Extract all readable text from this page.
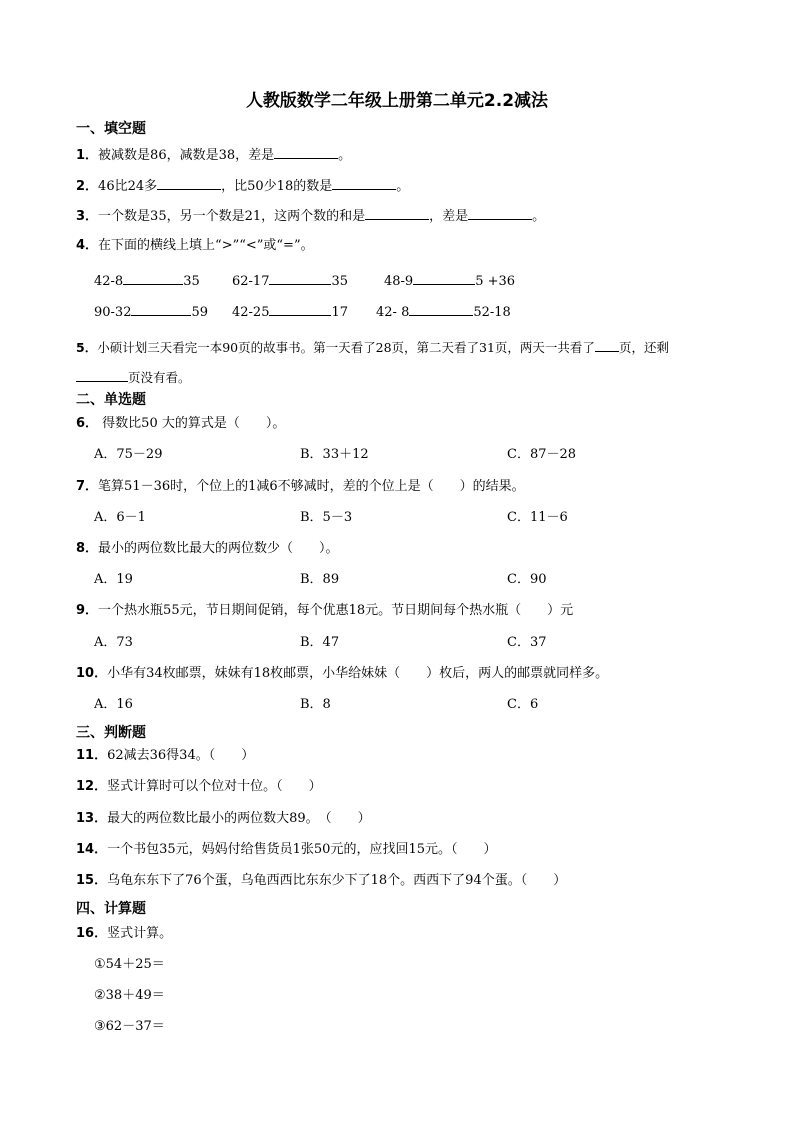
人教版数学二年级上册第二单元2.2减法
一、填空题
1．被减数是86，减数是38，差是	。
2．46比24多	，比50少18的数是	。
3．一个数是35，另一个数是21，这两个数的和是	，差是	。
4．在下面的横线上填上“>”“<”或“=”。
42-8	35 62-17	35	48-9	5 +36
90-32	59 42-25	17 42- 8	52-18
5．小硕计划三天看完一本90页的故事书。第一天看了28页，第二天看了31页，两天一共看了 页，还剩页没有看。
二、单选题
6． 得数比50 大的算式是（　　）。
A．75－29	B．33＋12	C．87－28
7．笔算51－36时，个位上的1减6不够减时，差的个位上是（　　）的结果。
A．6－1	B．5－3	C．11－6
8．最小的两位数比最大的两位数少（　　）。
A．19	B．89	C．90
9．一个热水瓶55元，节日期间促销，每个优惠18元。节日期间每个热水瓶（　　）元
A．73	B．47	C．37
10．小华有34枚邮票，妹妹有18枚邮票，小华给妹妹（　　）枚后，两人的邮票就同样多。
A．16	B．8	C．6
三、判断题
11．62减去36得34。（　　）
12．竖式计算时可以个位对十位。（　　）
13．最大的两位数比最小的两位数大89。　（　　）
14．一个书包35元，妈妈付给售货员1张50元的，应找回15元。（　　）
15．乌龟东东下了76个蛋，乌龟西西比东东少下了18个。西西下了94个蛋。（　　）
四、计算题
16．竖式计算。
①54＋25＝
②38＋49＝
③62－37＝
